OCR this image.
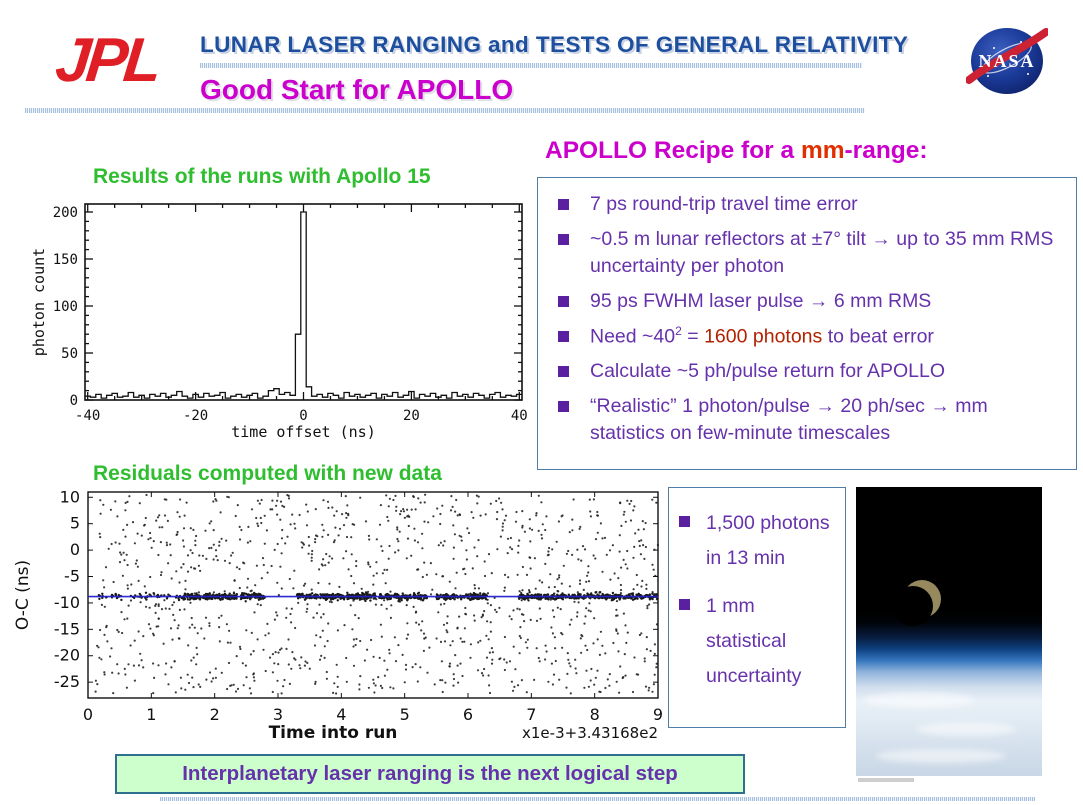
JPL LUNAR LASER RANGING and TESTS OF GENERAL RELATIVITY
Good Start for APOLLO
NASA
Results of the runs with Apollo 15
Residuals computed with new data
-40	-20	0	20	40
0
50
100
150
200
time offset (ns)
photon count
0	1	2	3	4	5	6	7	8	9
10
5
0
-5
-10
-15
-20
-25
Time into run	x1e-3+3.43168e2
O-C (ns)
APOLLO Recipe for a mm-range:
7 ps round-trip travel time error
~0.5 m lunar reflectors at ±7° tilt → up to 35 mm RMS uncertainty per photon
95 ps FWHM laser pulse → 6 mm RMS
Need $\sim 40^2 = 1600$ photons to beat error
Calculate ~5 ph/pulse return for APOLLO
“Realistic” 1 photon/pulse → 20 ph/sec → mm statistics on few-minute timescales
1,500 photons in 13 min
1 mm statistical uncertainty
Interplanetary laser ranging is the next logical step
